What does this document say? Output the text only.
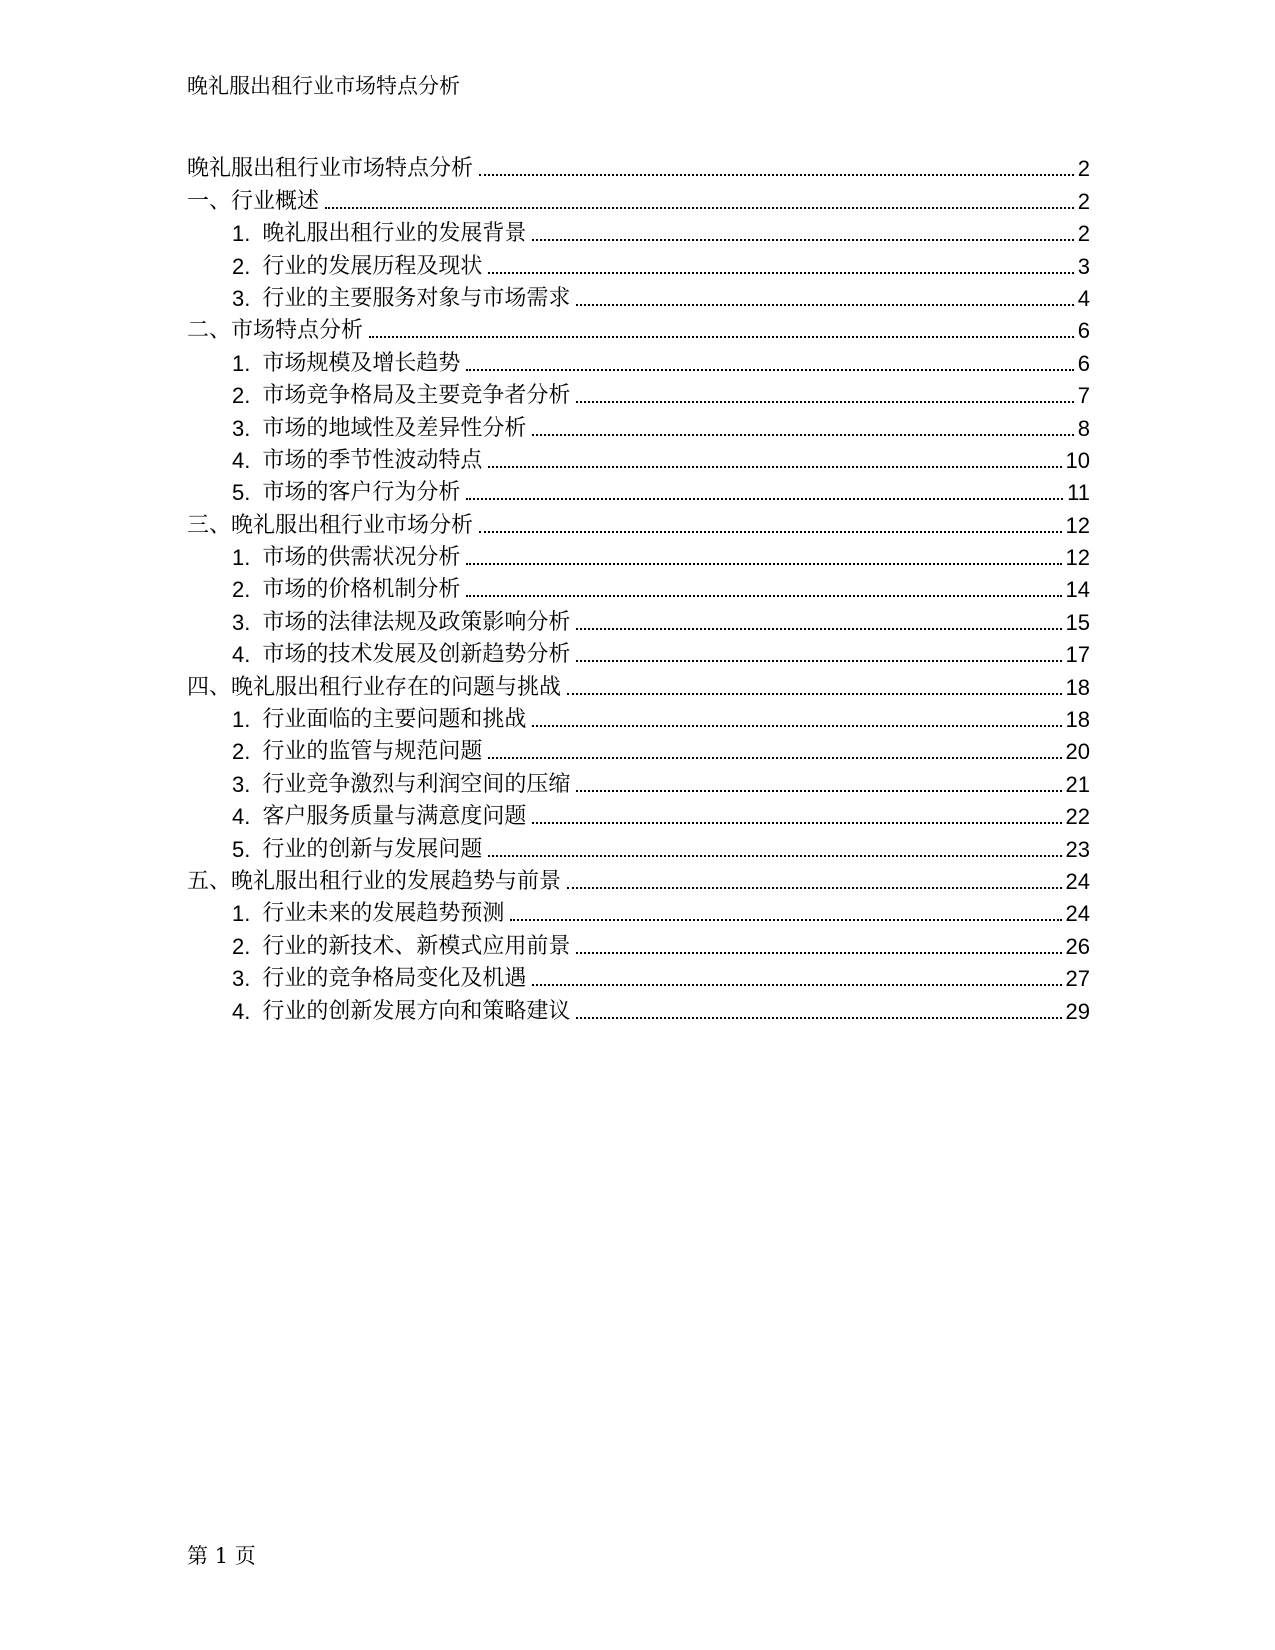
晚礼服出租行业市场特点分析
晚礼服出租行业市场特点分析	2
一、行业概述	2
1. 晚礼服出租行业的发展背景	2
2. 行业的发展历程及现状	3
3. 行业的主要服务对象与市场需求	4
二、市场特点分析	6
1. 市场规模及增长趋势	6
2. 市场竞争格局及主要竞争者分析	7
3. 市场的地域性及差异性分析	8
4. 市场的季节性波动特点	10
5. 市场的客户行为分析	11
三、晚礼服出租行业市场分析	12
1. 市场的供需状况分析	12
2. 市场的价格机制分析	14
3. 市场的法律法规及政策影响分析	15
4. 市场的技术发展及创新趋势分析	17
四、晚礼服出租行业存在的问题与挑战	18
1. 行业面临的主要问题和挑战	18
2. 行业的监管与规范问题	20
3. 行业竞争激烈与利润空间的压缩	21
4. 客户服务质量与满意度问题	22
5. 行业的创新与发展问题	23
五、晚礼服出租行业的发展趋势与前景	24
1. 行业未来的发展趋势预测	24
2. 行业的新技术、新模式应用前景	26
3. 行业的竞争格局变化及机遇	27
4. 行业的创新发展方向和策略建议	29
第 1 页
